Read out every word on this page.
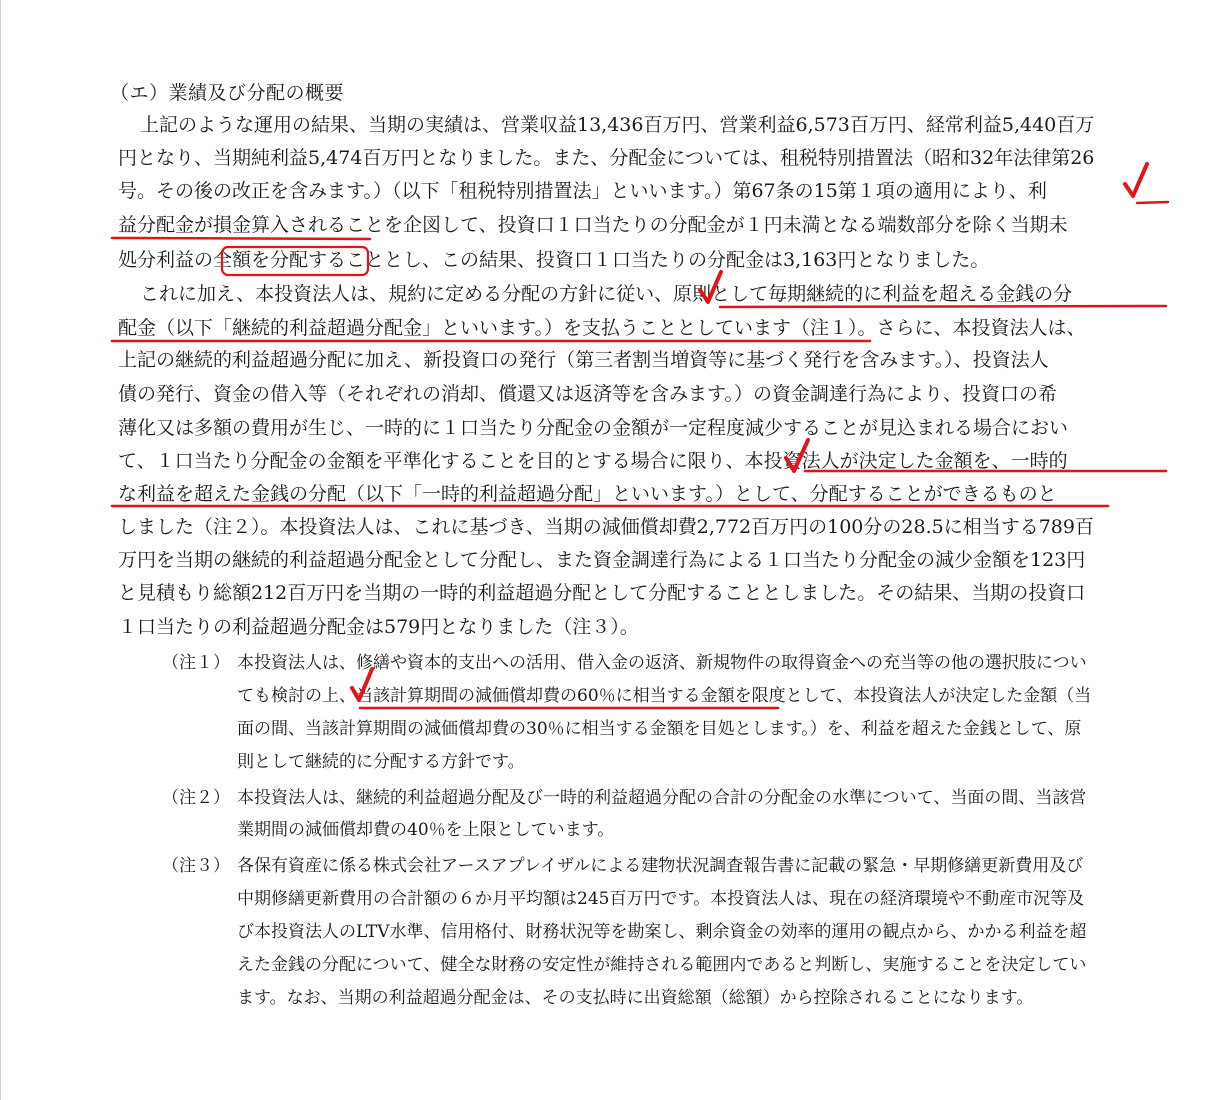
（エ）業績及び分配の概要
上記のような運用の結果、当期の実績は、営業収益13,436百万円、営業利益6,573百万円、経常利益5,440百万
円となり、当期純利益5,474百万円となりました。また、分配金については、租税特別措置法（昭和32年法律第26
号。その後の改正を含みます。）（以下「租税特別措置法」といいます。）第67条の15第１項の適用により、利
益分配金が損金算入されることを企図して、投資口１口当たりの分配金が１円未満となる端数部分を除く当期未
処分利益の全額を分配することとし、この結果、投資口１口当たりの分配金は3,163円となりました。
これに加え、本投資法人は、規約に定める分配の方針に従い、原則として毎期継続的に利益を超える金銭の分
配金（以下「継続的利益超過分配金」といいます。）を支払うこととしています（注１）。さらに、本投資法人は、
上記の継続的利益超過分配に加え、新投資口の発行（第三者割当増資等に基づく発行を含みます。）、投資法人
債の発行、資金の借入等（それぞれの消却、償還又は返済等を含みます。）の資金調達行為により、投資口の希
薄化又は多額の費用が生じ、一時的に１口当たり分配金の金額が一定程度減少することが見込まれる場合におい
て、１口当たり分配金の金額を平準化することを目的とする場合に限り、本投資法人が決定した金額を、一時的
な利益を超えた金銭の分配（以下「一時的利益超過分配」といいます。）として、分配することができるものと
しました（注２）。本投資法人は、これに基づき、当期の減価償却費2,772百万円の100分の28.5に相当する789百
万円を当期の継続的利益超過分配金として分配し、また資金調達行為による１口当たり分配金の減少金額を123円
と見積もり総額212百万円を当期の一時的利益超過分配として分配することとしました。その結果、当期の投資口
１口当たりの利益超過分配金は579円となりました（注３）。
（注１） 本投資法人は、修繕や資本的支出への活用、借入金の返済、新規物件の取得資金への充当等の他の選択肢につい
ても検討の上、当該計算期間の減価償却費の60％に相当する金額を限度として、本投資法人が決定した金額（当
面の間、当該計算期間の減価償却費の30％に相当する金額を目処とします。）を、利益を超えた金銭として、原
則として継続的に分配する方針です。
（注２） 本投資法人は、継続的利益超過分配及び一時的利益超過分配の合計の分配金の水準について、当面の間、当該営
業期間の減価償却費の40％を上限としています。
（注３） 各保有資産に係る株式会社アースアプレイザルによる建物状況調査報告書に記載の緊急・早期修繕更新費用及び
中期修繕更新費用の合計額の６か月平均額は245百万円です。本投資法人は、現在の経済環境や不動産市況等及
び本投資法人のLTV水準、信用格付、財務状況等を勘案し、剰余資金の効率的運用の観点から、かかる利益を超
えた金銭の分配について、健全な財務の安定性が維持される範囲内であると判断し、実施することを決定してい
ます。なお、当期の利益超過分配金は、その支払時に出資総額（総額）から控除されることになります。
